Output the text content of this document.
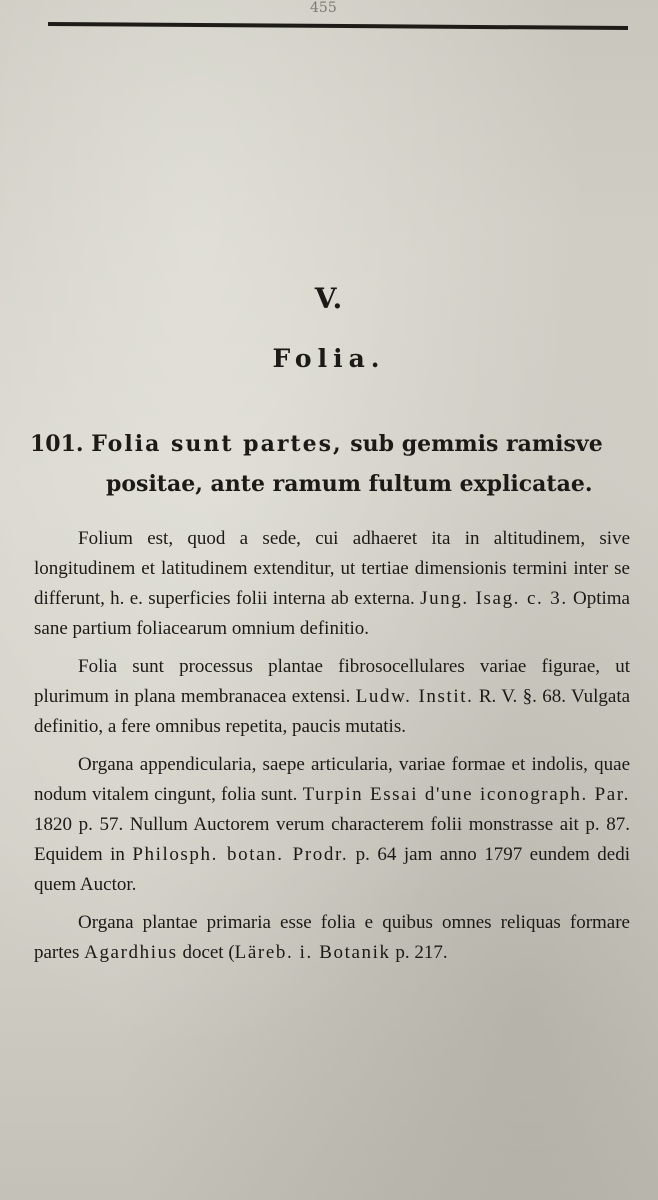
455

V.
Folia.
101. Folia sunt partes, sub gemmis ramisve
positae, ante ramum fultum explicatae.

Folium est, quod a sede, cui adhaeret ita in altitudinem, sive longitudinem et latitudinem extenditur, ut tertiae dimensionis termini inter se differunt, h. e. superficies folii interna ab externa. Jung. Isag. c. 3. Optima sane partium foliacearum omnium definitio.

Folia sunt processus plantae fibrosocellulares variae figurae, ut plurimum in plana membranacea extensi. Ludw. Instit. R. V. §. 68. Vulgata definitio, a fere omnibus repetita, paucis mutatis.

Organa appendicularia, saepe articularia, variae formae et indolis, quae nodum vitalem cingunt, folia sunt. Turpin Essai d'une iconograph. Par. 1820 p. 57. Nullum Auctorem verum characterem folii monstrasse ait p. 87. Equidem in Philosph. botan. Prodr. p. 64 jam anno 1797 eundem dedi quem Auctor.

Organa plantae primaria esse folia e quibus omnes reliquas formare partes Agardhius docet (Läreb. i. Botanik p. 217.
